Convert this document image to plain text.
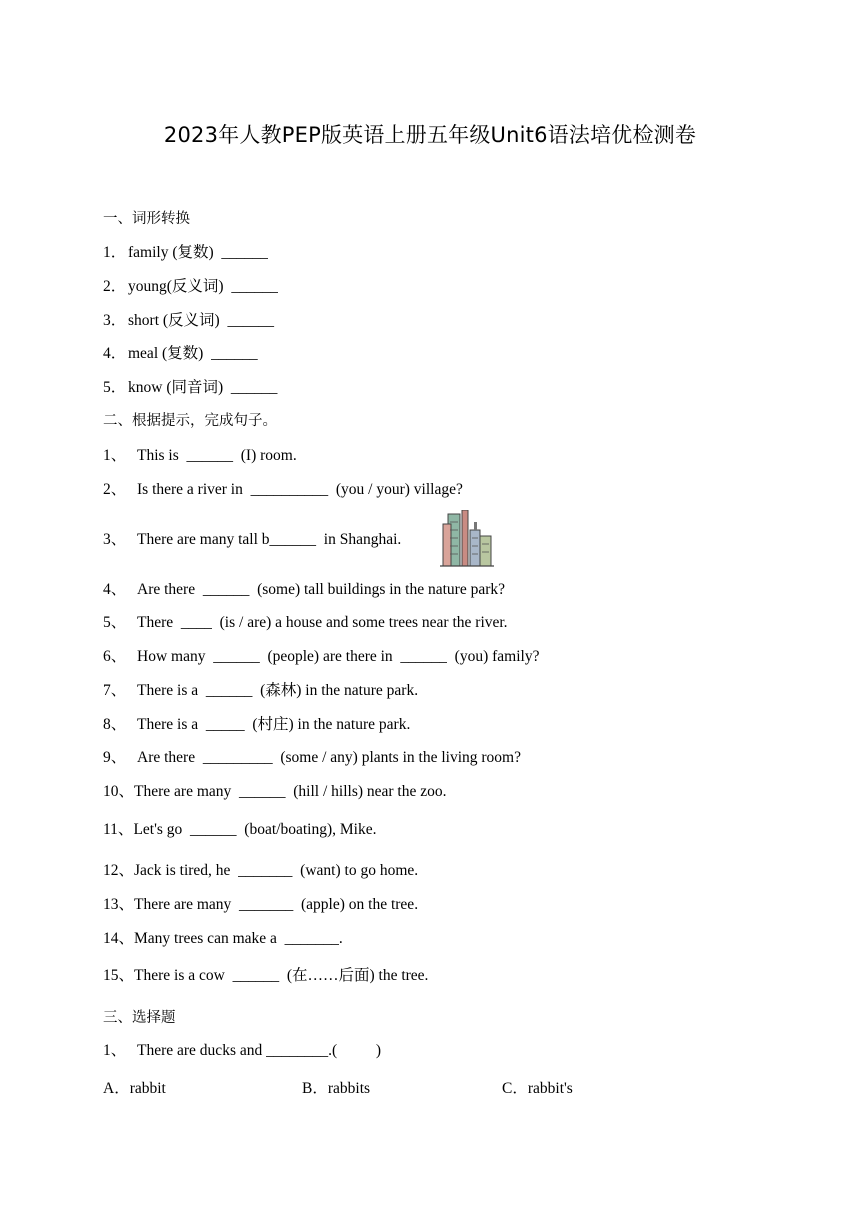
2023年人教PEP版英语上册五年级Unit6语法培优检测卷
一、词形转换
1． family (复数)  ______
2． young(反义词)  ______
3． short (反义词)  ______
4． meal (复数)  ______
5． know (同音词)  ______
二、根据提示，完成句子。
1、 This is  ______  (I) room.
2、 Is there a river in  __________  (you / your) village?
3、 There are many tall b______  in Shanghai.
4、 Are there  ______  (some) tall buildings in the nature park?
5、 There  ____  (is / are) a house and some trees near the river.
6、 How many  ______  (people) are there in  ______  (you) family?
7、 There is a  ______  (森林) in the nature park.
8、 There is a  _____  (村庄) in the nature park.
9、 Are there  _________  (some / any) plants in the living room?
10、There are many  ______  (hill / hills) near the zoo.
11、Let's go  ______  (boat/boating), Mike.
12、Jack is tired, he  _______  (want) to go home.
13、There are many  _______  (apple) on the tree.
14、Many trees can make a  _______.
15、There is a cow  ______  (在……后面) the tree.
三、选择题
1、 There are ducks and ________.(          )
A．rabbit	B．rabbits	C．rabbit's
